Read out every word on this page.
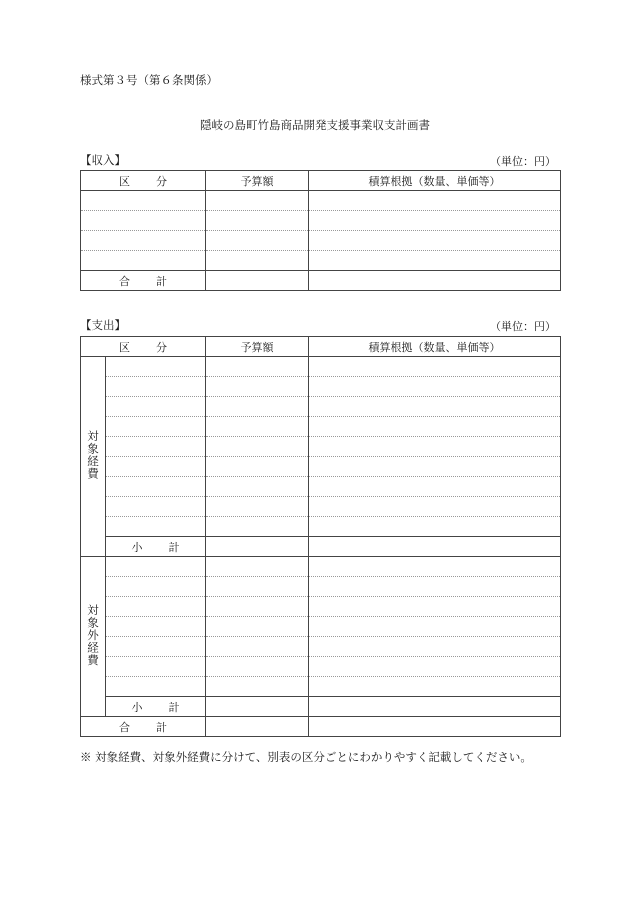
様式第３号（第６条関係）
隠岐の島町竹島商品開発支援事業収支計画書
【収入】	（単位：円）
区 分	予算額	積算根拠（数量、単価等）

合 計		
【支出】	（単位：円）
区 分		予算額	積算根拠（数量、単価等）
対象経費			

	小 計		
対象外経費			

	小 計		
合 計			
※ 対象経費、対象外経費に分けて、別表の区分ごとにわかりやすく記載してください。
